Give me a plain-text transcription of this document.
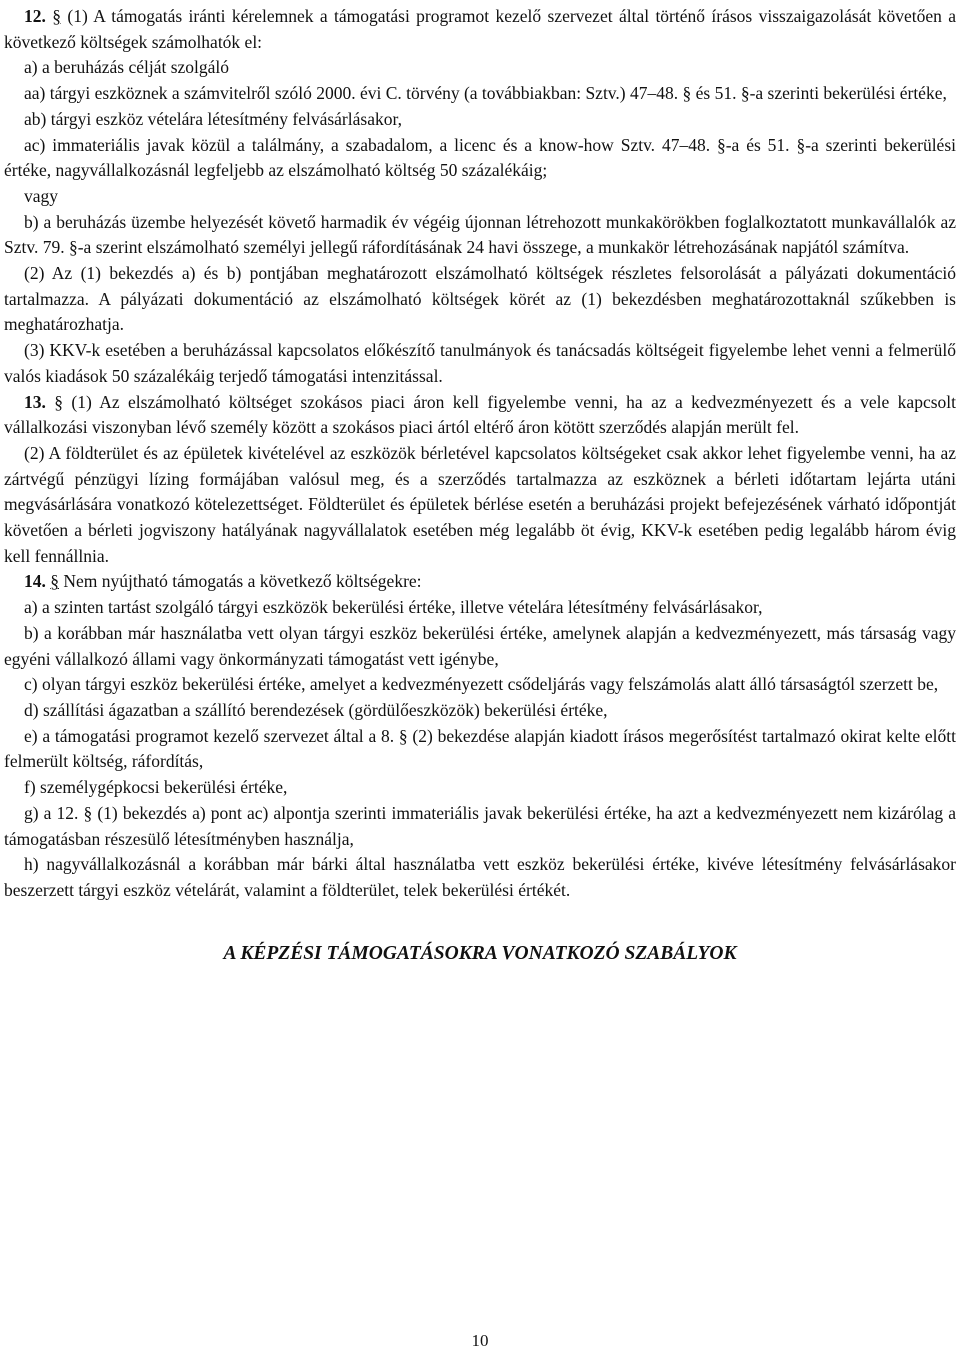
12. § (1) A támogatás iránti kérelemnek a támogatási programot kezelő szervezet által történő írásos visszaigazolását követően a következő költségek számolhatók el:

a) a beruházás célját szolgáló

aa) tárgyi eszköznek a számvitelről szóló 2000. évi C. törvény (a továbbiakban: Sztv.) 47–48. § és 51. §-a szerinti bekerülési értéke,

ab) tárgyi eszköz vételára létesítmény felvásárlásakor,

ac) immateriális javak közül a találmány, a szabadalom, a licenc és a know-how Sztv. 47–48. §-a és 51. §-a szerinti bekerülési értéke, nagyvállalkozásnál legfeljebb az elszámolható költség 50 százalékáig;

vagy

b) a beruházás üzembe helyezését követő harmadik év végéig újonnan létrehozott munkakörökben foglalkoztatott munkavállalók az Sztv. 79. §-a szerint elszámolható személyi jellegű ráfordításának 24 havi összege, a munkakör létrehozásának napjától számítva.

(2) Az (1) bekezdés a) és b) pontjában meghatározott elszámolható költségek részletes felsorolását a pályázati dokumentáció tartalmazza. A pályázati dokumentáció az elszámolható költségek körét az (1) bekezdésben meghatározottaknál szűkebben is meghatározhatja.

(3) KKV-k esetében a beruházással kapcsolatos előkészítő tanulmányok és tanácsadás költségeit figyelembe lehet venni a felmerülő valós kiadások 50 százalékáig terjedő támogatási intenzitással.

13. § (1) Az elszámolható költséget szokásos piaci áron kell figyelembe venni, ha az a kedvezményezett és a vele kapcsolt vállalkozási viszonyban lévő személy között a szokásos piaci ártól eltérő áron kötött szerződés alapján merült fel.

(2) A földterület és az épületek kivételével az eszközök bérletével kapcsolatos költségeket csak akkor lehet figyelembe venni, ha az zártvégű pénzügyi lízing formájában valósul meg, és a szerződés tartalmazza az eszköznek a bérleti időtartam lejárta utáni megvásárlására vonatkozó kötelezettséget. Földterület és épületek bérlése esetén a beruházási projekt befejezésének várható időpontját követően a bérleti jogviszony hatályának nagyvállalatok esetében még legalább öt évig, KKV-k esetében pedig legalább három évig kell fennállnia.

14. § Nem nyújtható támogatás a következő költségekre:

a) a szinten tartást szolgáló tárgyi eszközök bekerülési értéke, illetve vételára létesítmény felvásárlásakor,

b) a korábban már használatba vett olyan tárgyi eszköz bekerülési értéke, amelynek alapján a kedvezményezett, más társaság vagy egyéni vállalkozó állami vagy önkormányzati támogatást vett igénybe,

c) olyan tárgyi eszköz bekerülési értéke, amelyet a kedvezményezett csődeljárás vagy felszámolás alatt álló társaságtól szerzett be,

d) szállítási ágazatban a szállító berendezések (gördülőeszközök) bekerülési értéke,

e) a támogatási programot kezelő szervezet által a 8. § (2) bekezdése alapján kiadott írásos megerősítést tartalmazó okirat kelte előtt felmerült költség, ráfordítás,

f) személygépkocsi bekerülési értéke,

g) a 12. § (1) bekezdés a) pont ac) alpontja szerinti immateriális javak bekerülési értéke, ha azt a kedvezményezett nem kizárólag a támogatásban részesülő létesítményben használja,

h) nagyvállalkozásnál a korábban már bárki által használatba vett eszköz bekerülési értéke, kivéve létesítmény felvásárlásakor beszerzett tárgyi eszköz vételárát, valamint a földterület, telek bekerülési értékét.

A KÉPZÉSI TÁMOGATÁSOKRA VONATKOZÓ SZABÁLYOK

10
